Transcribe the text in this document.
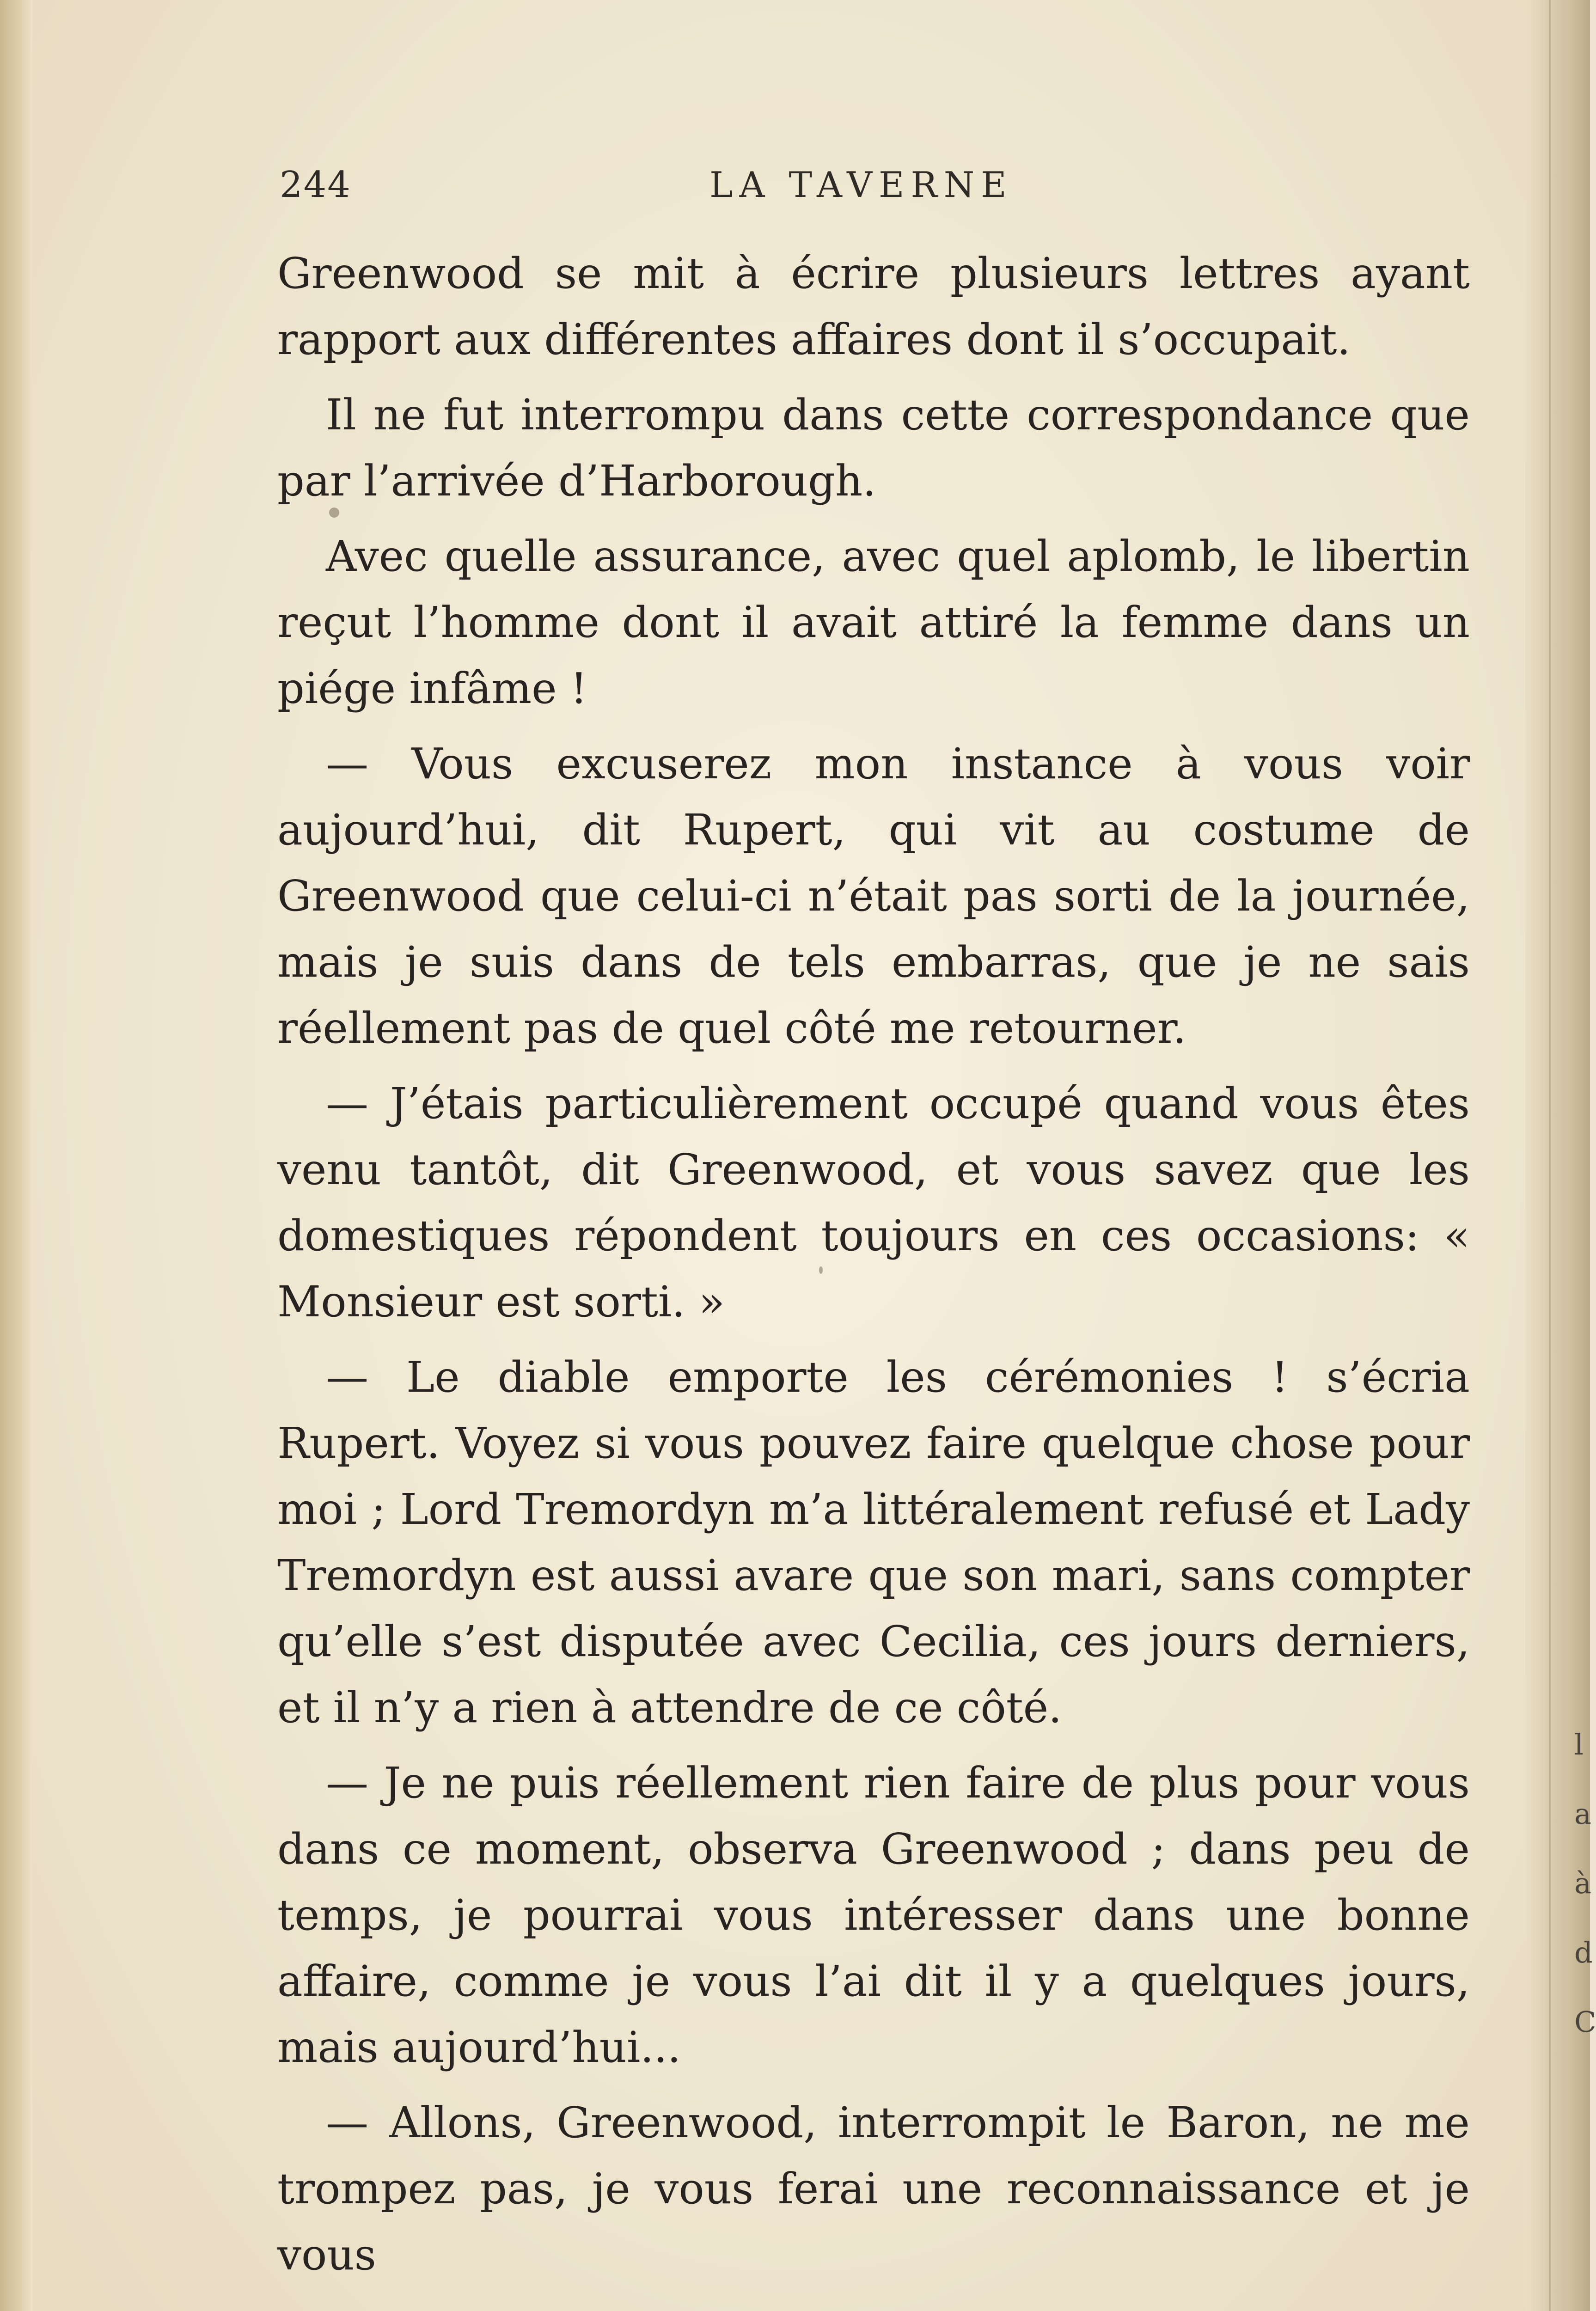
l
a
à
d
C
244	LA TAVERNE

Greenwood se mit à écrire plusieurs lettres ayant rapport aux différentes affaires dont il s’occupait.

Il ne fut interrompu dans cette correspondance que par l’arrivée d’Harborough.

Avec quelle assurance, avec quel aplomb, le libertin reçut l’homme dont il avait attiré la femme dans un piége infâme !

— Vous excuserez mon instance à vous voir aujourd’hui, dit Rupert, qui vit au costume de Greenwood que celui-ci n’était pas sorti de la journée, mais je suis dans de tels embarras, que je ne sais réellement pas de quel côté me retourner.

— J’étais particulièrement occupé quand vous êtes venu tantôt, dit Greenwood, et vous savez que les domestiques répondent toujours en ces occasions: « Monsieur est sorti. »

— Le diable emporte les cérémonies ! s’écria Rupert. Voyez si vous pouvez faire quelque chose pour moi ; Lord Tremordyn m’a littéralement refusé et Lady Tremordyn est aussi avare que son mari, sans compter qu’elle s’est disputée avec Cecilia, ces jours derniers, et il n’y a rien à attendre de ce côté.

— Je ne puis réellement rien faire de plus pour vous dans ce moment, observa Greenwood ; dans peu de temps, je pourrai vous intéresser dans une bonne affaire, comme je vous l’ai dit il y a quelques jours, mais aujourd’hui...

— Allons, Greenwood, interrompit le Baron, ne me trompez pas, je vous ferai une reconnaissance et je vous
